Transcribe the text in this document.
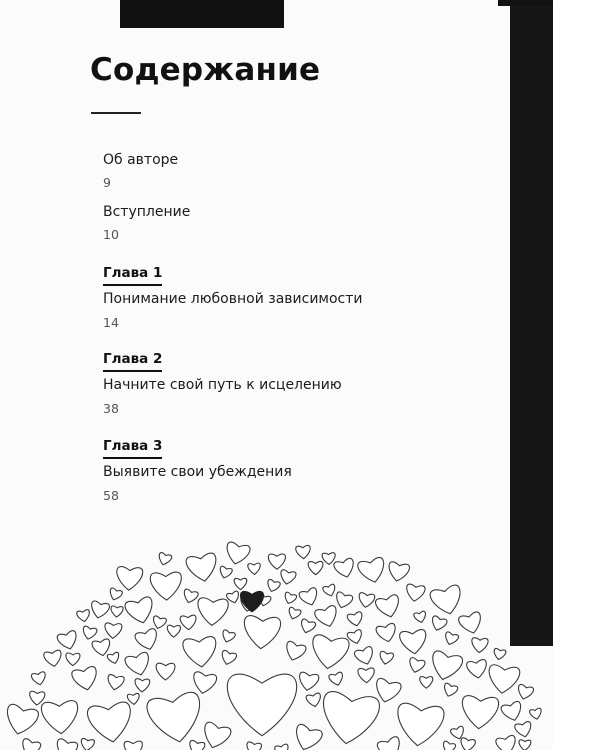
Содержание
Об авторе
9
Вступление
10
Глава 1
Понимание любовной зависимости
14
Глава 2
Начните свой путь к исцелению
38
Глава 3
Выявите свои убеждения
58
